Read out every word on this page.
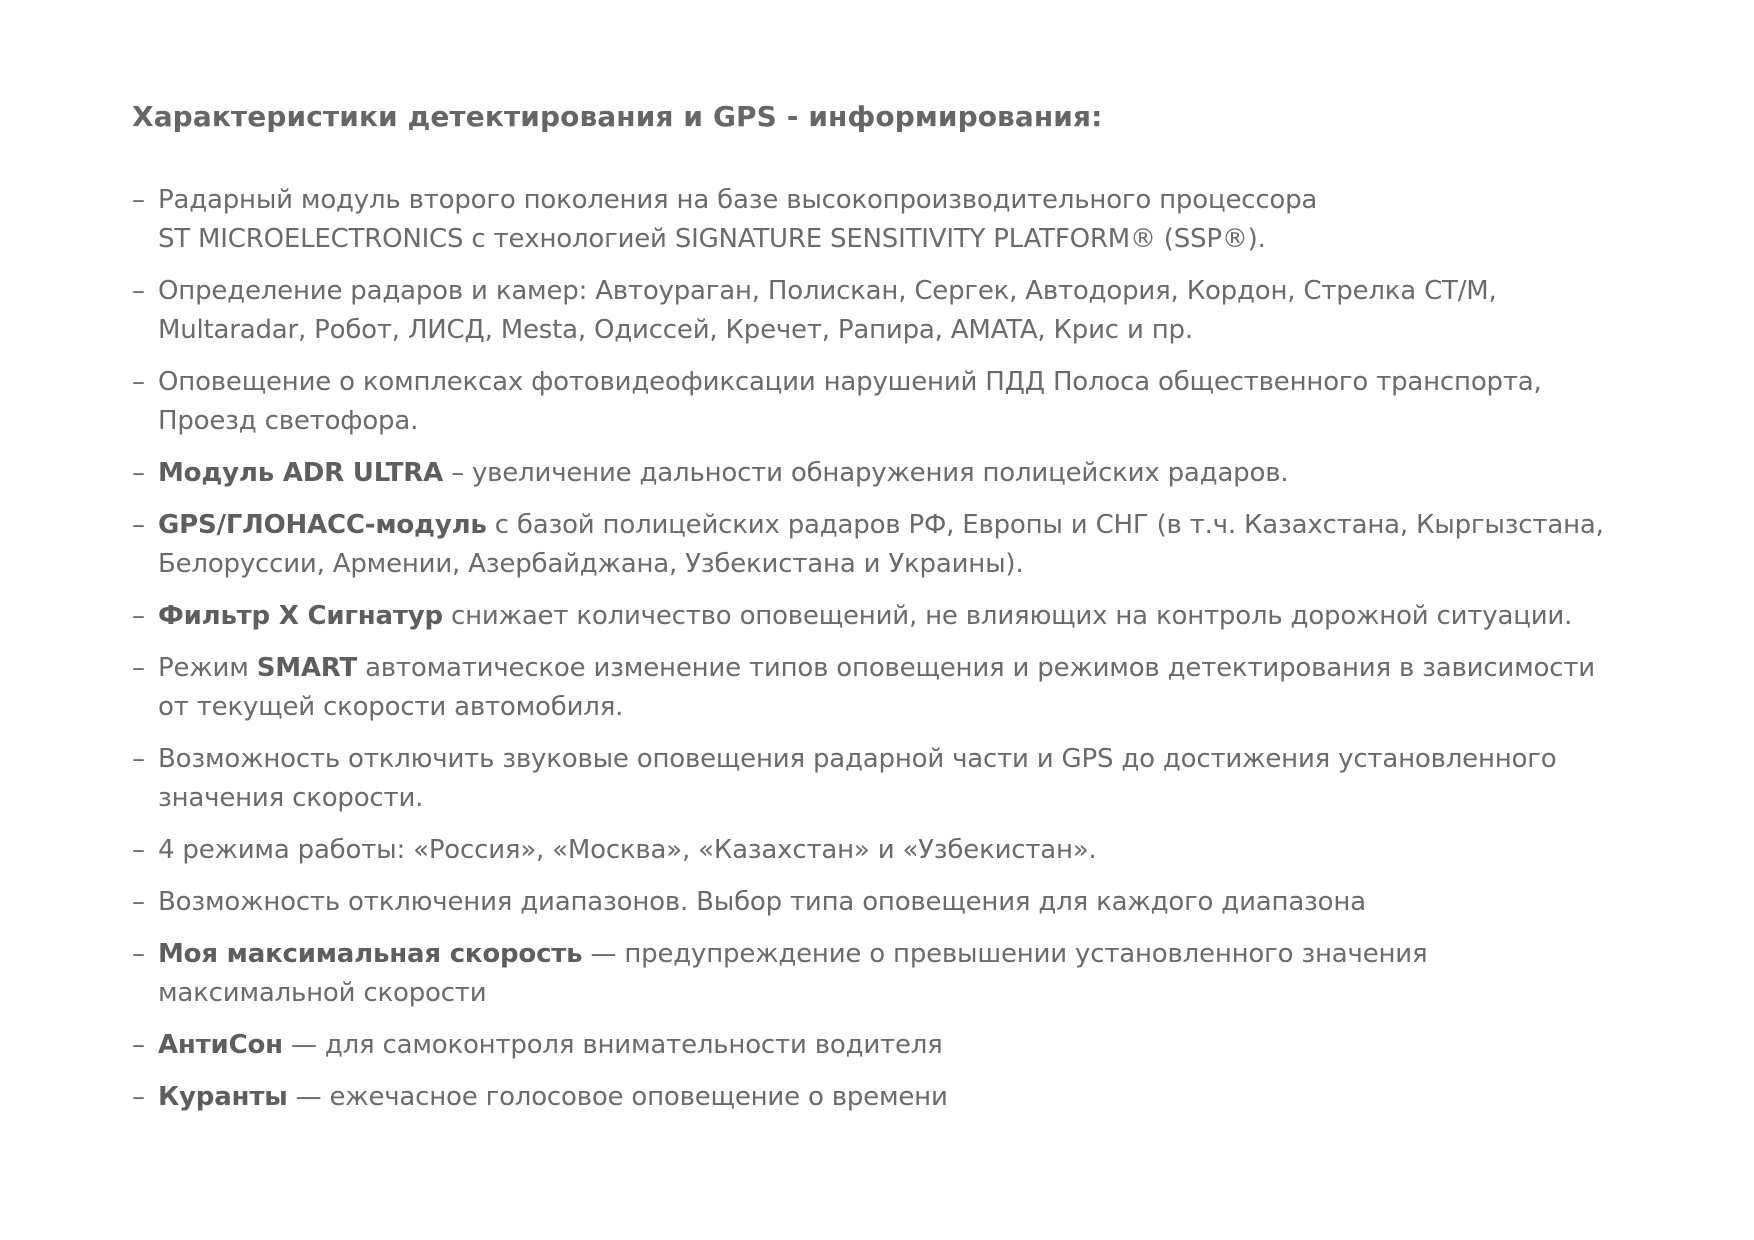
Характеристики детектирования и GPS - информирования:
– Радарный модуль второго поколения на базе высокопроизводительного процессора
ST MICROELECTRONICS с технологией SIGNATURE SENSITIVITY PLATFORM® (SSP®).
– Определение радаров и камер: Автоураган, Полискан, Сергек, Автодория, Кордон, Стрелка СТ/М,
Multaradar, Робот, ЛИСД, Mesta, Одиссей, Кречет, Рапира, AMATA, Крис и пр.
– Оповещение о комплексах фотовидеофиксации нарушений ПДД Полоса общественного транспорта,
Проезд светофора.
– Модуль ADR ULTRA – увеличение дальности обнаружения полицейских радаров.
– GPS/ГЛОНАСС-модуль с базой полицейских радаров РФ, Европы и СНГ (в т.ч. Казахстана, Кыргызстана,
Белоруссии, Армении, Азербайджана, Узбекистана и Украины).
– Фильтр X Сигнатур снижает количество оповещений, не влияющих на контроль дорожной ситуации.
– Режим SMART автоматическое изменение типов оповещения и режимов детектирования в зависимости
от текущей скорости автомобиля.
– Возможность отключить звуковые оповещения радарной части и GPS до достижения установленного
значения скорости.
– 4 режима работы: «Россия», «Москва», «Казахстан» и «Узбекистан».
– Возможность отключения диапазонов. Выбор типа оповещения для каждого диапазона
– Моя максимальная скорость — предупреждение о превышении установленного значения
максимальной скорости
– АнтиСон — для самоконтроля внимательности водителя
– Куранты — ежечасное голосовое оповещение о времени
